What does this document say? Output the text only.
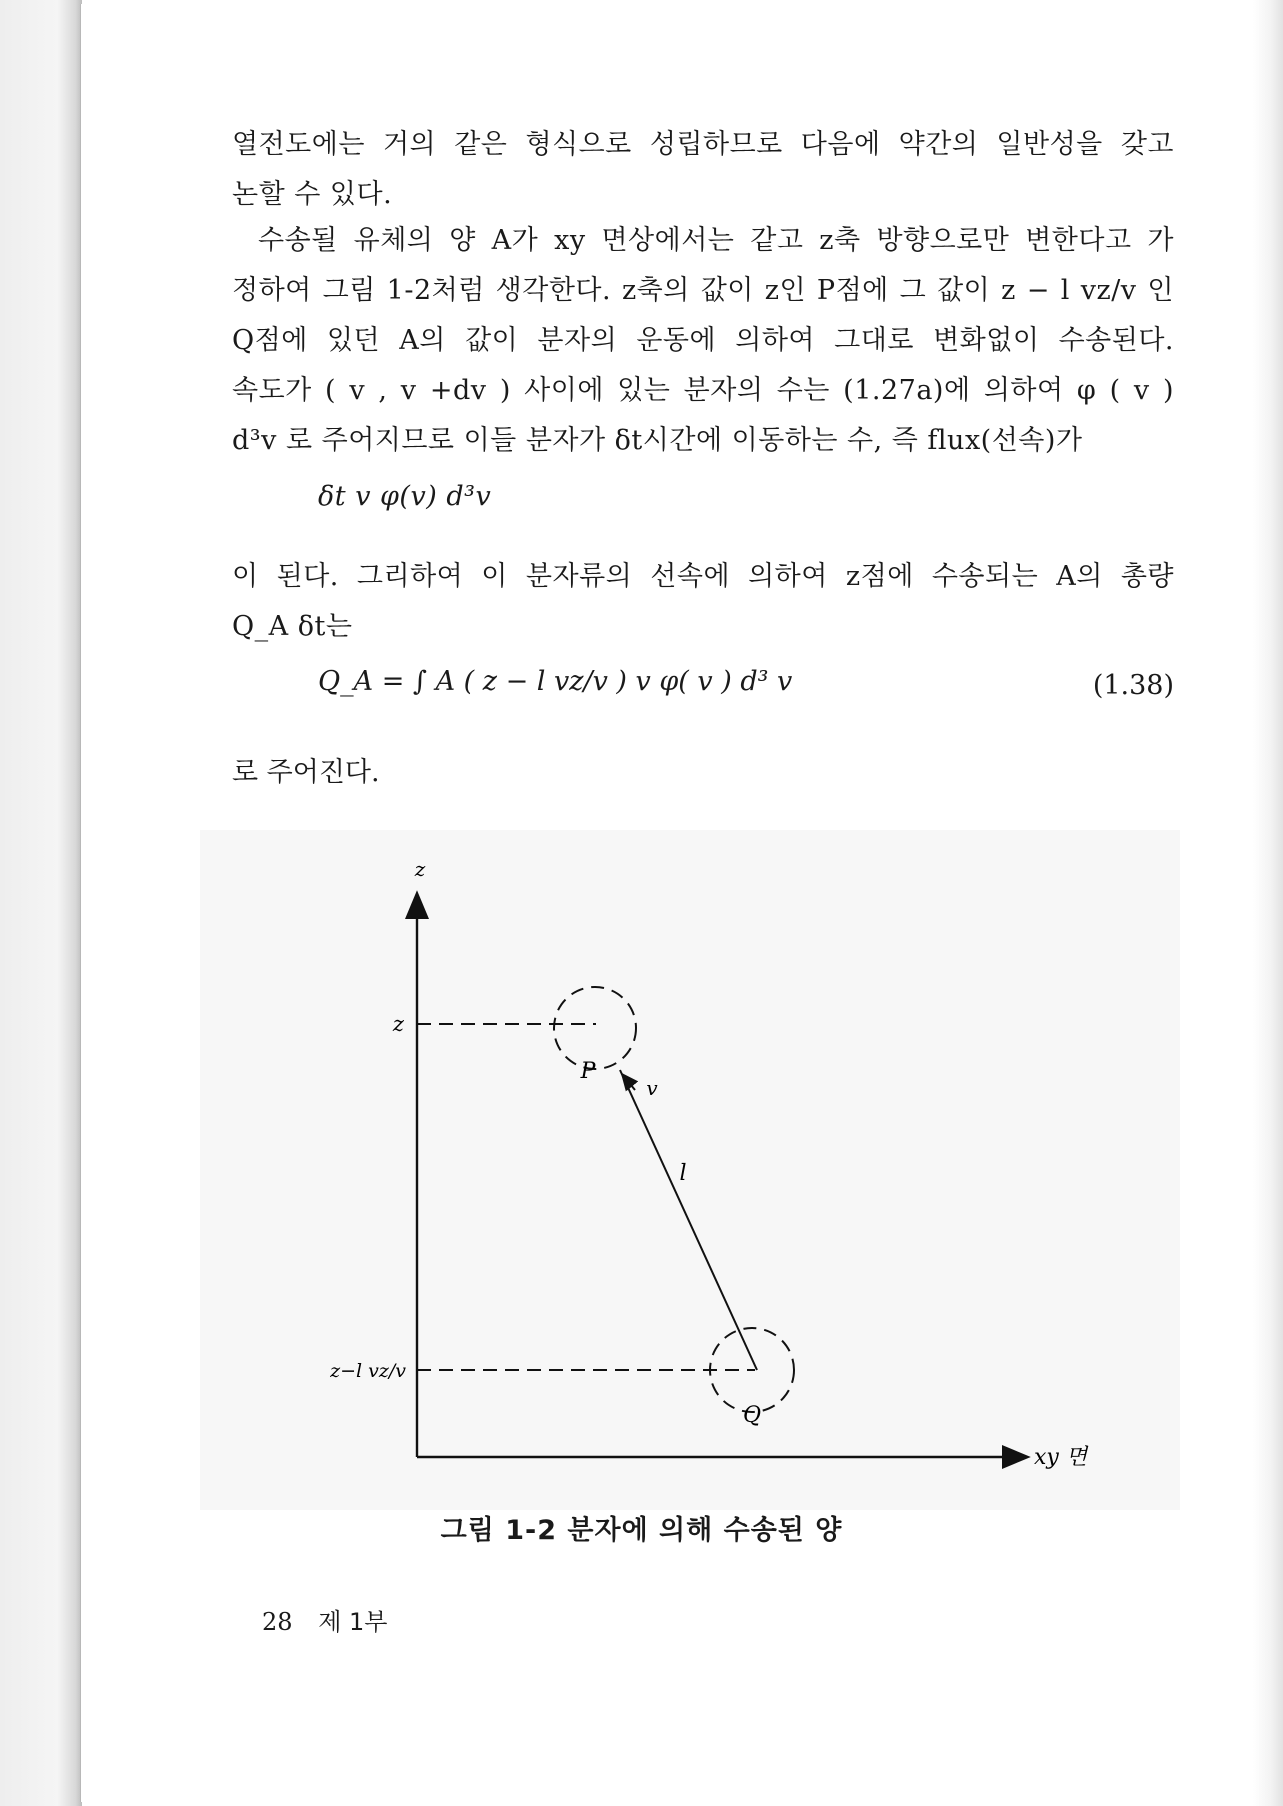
열전도에는 거의 같은 형식으로 성립하므로 다음에 약간의 일반성을 갖고
논할 수 있다.
수송될 유체의 양 A가 xy 면상에서는 같고 z축 방향으로만 변한다고 가
정하여 그림 1-2처럼 생각한다. z축의 값이 z인 P점에 그 값이 z − l vz/v 인
Q점에 있던 A의 값이 분자의 운동에 의하여 그대로 변화없이 수송된다.
속도가 ( v , v +dv ) 사이에 있는 분자의 수는 (1.27a)에 의하여 φ ( v )
d³v 로 주어지므로 이들 분자가 δt시간에 이동하는 수, 즉 flux(선속)가
δt v φ(v) d³v
이 된다. 그리하여 이 분자류의 선속에 의하여 z점에 수송되는 A의 총량
Q_A δt는
Q_A = ∫ A ( z − l vz/v ) v φ( v ) d³ v	(1.38)
로 주어진다.
z
xy 면
z
z−l vz/v
P
Q
l
v
그림 1-2 분자에 의해 수송된 양
28 제 1부
